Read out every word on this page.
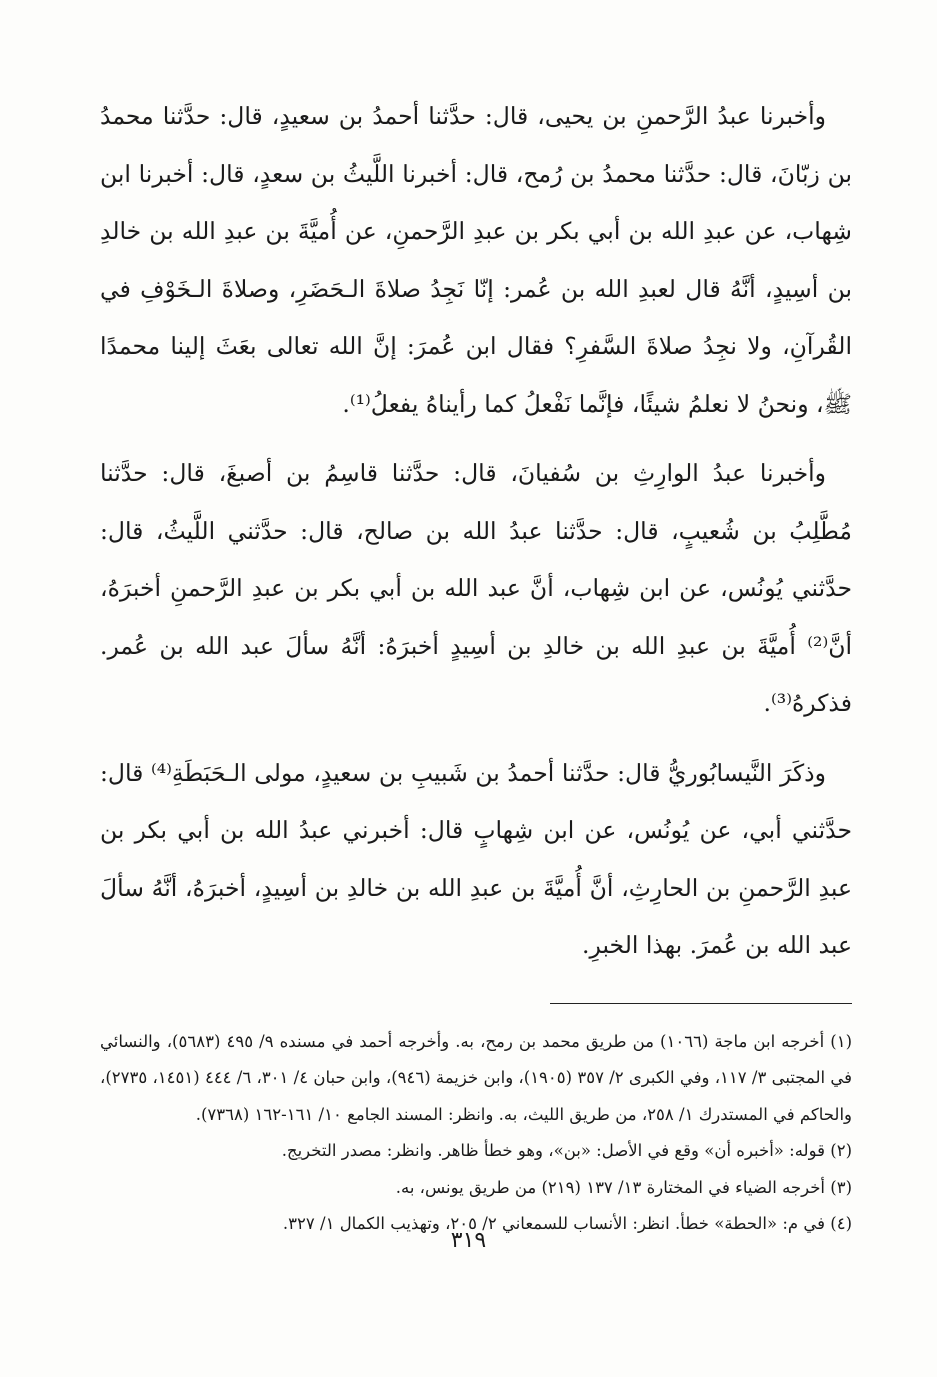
وأخبرنا عبدُ الرَّحمنِ بن يحيى، قال: حدَّثنا أحمدُ بن سعيدٍ، قال: حدَّثنا محمدُ بن زبّانَ، قال: حدَّثنا محمدُ بن رُمح، قال: أخبرنا اللَّيثُ بن سعدٍ، قال: أخبرنا ابن شِهاب، عن عبدِ الله بن أبي بكر بن عبدِ الرَّحمنِ، عن أُميَّةَ بن عبدِ الله بن خالدِ بن أسِيدٍ، أنَّهُ قال لعبدِ الله بن عُمر: إنّا نَجِدُ صلاةَ الـحَضَرِ، وصلاةَ الـخَوْفِ في القُرآنِ، ولا نجِدُ صلاةَ السَّفرِ؟ فقال ابن عُمرَ: إنَّ الله تعالى بعَثَ إلينا محمدًا ﷺ، ونحنُ لا نعلمُ شيئًا، فإنَّما نَفْعلُ كما رأيناهُ يفعلُ⁽¹⁾.

وأخبرنا عبدُ الوارِثِ بن سُفيانَ، قال: حدَّثنا قاسِمُ بن أصبغَ، قال: حدَّثنا مُطَّلِبُ بن شُعيبٍ، قال: حدَّثنا عبدُ الله بن صالح، قال: حدَّثني اللَّيثُ، قال: حدَّثني يُونُس، عن ابن شِهاب، أنَّ عبد الله بن أبي بكر بن عبدِ الرَّحمنِ أخبرَهُ، أنَّ⁽²⁾ أُميَّةَ بن عبدِ الله بن خالدِ بن أسِيدٍ أخبرَهُ: أنَّهُ سألَ عبد الله بن عُمر. فذكرهُ⁽³⁾.

وذكَرَ النَّيسابُوريُّ قال: حدَّثنا أحمدُ بن شَبيبِ بن سعيدٍ، مولى الـحَبَطَةِ⁽⁴⁾ قال: حدَّثني أبي، عن يُونُس، عن ابن شِهابٍ قال: أخبرني عبدُ الله بن أبي بكر بن عبدِ الرَّحمنِ بن الحارِثِ، أنَّ أُميَّةَ بن عبدِ الله بن خالدِ بن أسِيدٍ، أخبرَهُ، أنَّهُ سألَ عبد الله بن عُمرَ. بهذا الخبرِ.

(١) أخرجه ابن ماجة (١٠٦٦) من طريق محمد بن رمح، به. وأخرجه أحمد في مسنده ٩/ ٤٩٥ (٥٦٨٣)، والنسائي في المجتبى ٣/ ١١٧، وفي الكبرى ٢/ ٣٥٧ (١٩٠٥)، وابن خزيمة (٩٤٦)، وابن حبان ٤/ ٣٠١، ٦/ ٤٤٤ (١٤٥١، ٢٧٣٥)، والحاكم في المستدرك ١/ ٢٥٨، من طريق الليث، به. وانظر: المسند الجامع ١٠/ ١٦١-١٦٢ (٧٣٦٨).

(٢) قوله: «أخبره أن» وقع في الأصل: «بن»، وهو خطأ ظاهر. وانظر: مصدر التخريج.

(٣) أخرجه الضياء في المختارة ١٣/ ١٣٧ (٢١٩) من طريق يونس، به.

(٤) في م: «الحطة» خطأ. انظر: الأنساب للسمعاني ٢/ ٢٠٥، وتهذيب الكمال ١/ ٣٢٧.

٣١٩
